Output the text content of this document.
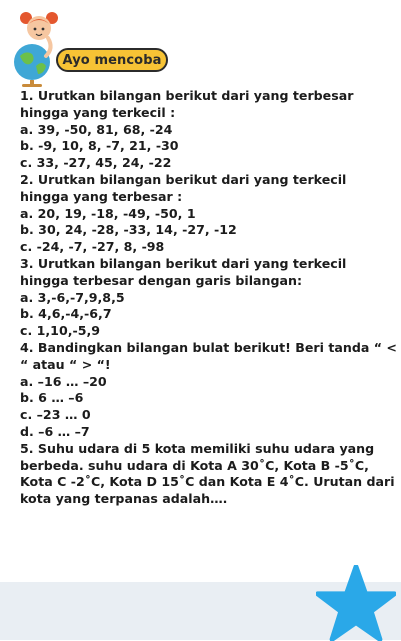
Ayo mencoba
1. Urutkan bilangan berikut dari yang terbesar
hingga yang terkecil :
a. 39, -50, 81, 68, -24
b. -9, 10, 8, -7, 21, -30
c. 33, -27, 45, 24, -22
2. Urutkan bilangan berikut dari yang terkecil
hingga yang terbesar :
a. 20, 19, -18, -49, -50, 1
b. 30, 24, -28, -33, 14, -27, -12
c. -24, -7, -27, 8, -98
3. Urutkan bilangan berikut dari yang terkecil
hingga terbesar dengan garis bilangan:
a. 3,-6,-7,9,8,5
b. 4,6,-4,-6,7
c. 1,10,-5,9
4. Bandingkan bilangan bulat berikut! Beri tanda “ <
“ atau “ > “!
a. –16 … –20
b. 6 … –6
c. –23 … 0
d. –6 … –7
5. Suhu udara di 5 kota memiliki suhu udara yang
berbeda. suhu udara di Kota A 30˚C, Kota B -5˚C,
Kota C -2˚C, Kota D 15˚C dan Kota E 4˚C. Urutan dari
kota yang terpanas adalah….
